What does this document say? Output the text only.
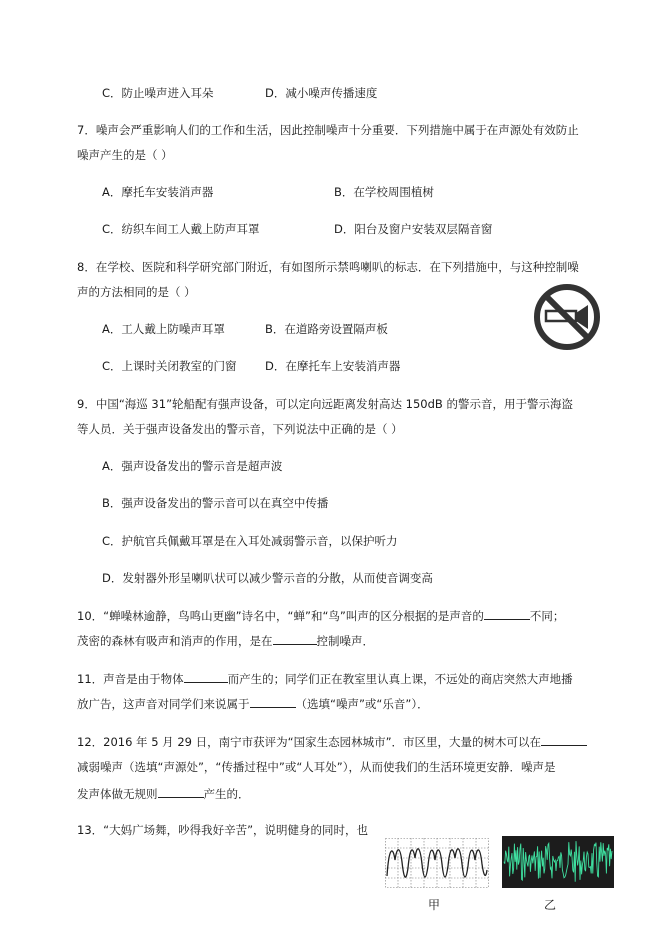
C．防止噪声进入耳朵	D．减小噪声传播速度
7．噪声会严重影响人们的工作和生活，因此控制噪声十分重要．下列措施中属于在声源处有效防止
噪声产生的是（ ）
A．摩托车安装消声器	B．在学校周围植树
C．纺织车间工人戴上防声耳罩	D．阳台及窗户安装双层隔音窗
8．在学校、医院和科学研究部门附近，有如图所示禁鸣喇叭的标志．在下列措施中，与这种控制噪
声的方法相同的是（ ）
A．工人戴上防噪声耳罩	B．在道路旁设置隔声板
C．上课时关闭教室的门窗 D．在摩托车上安装消声器
9．中国“海巡 31”轮船配有强声设备，可以定向远距离发射高达 150dB 的警示音，用于警示海盗
等人员．关于强声设备发出的警示音，下列说法中正确的是（ ）
A．强声设备发出的警示音是超声波
B．强声设备发出的警示音可以在真空中传播
C．护航官兵佩戴耳罩是在入耳处减弱警示音，以保护听力
D．发射器外形呈喇叭状可以减少警示音的分散，从而使音调变高
10．“蝉噪林逾静，鸟鸣山更幽”诗名中，“蝉”和“鸟”叫声的区分根据的是声音的	不同；
茂密的森林有吸声和消声的作用，是在	控制噪声．
11．声音是由于物体	而产生的；同学们正在教室里认真上课，不远处的商店突然大声地播
放广告，这声音对同学们来说属于	（选填“噪声”或“乐音”）．
12．2016 年 5 月 29 日，南宁市获评为“国家生态园林城市”．市区里，大量的树木可以在
减弱噪声（选填“声源处”，“传播过程中”或“人耳处”），从而使我们的生活环境更安静．噪声是
发声体做无规则	产生的．
13．“大妈广场舞，吵得我好辛苦”，说明健身的同时，也
甲	乙
